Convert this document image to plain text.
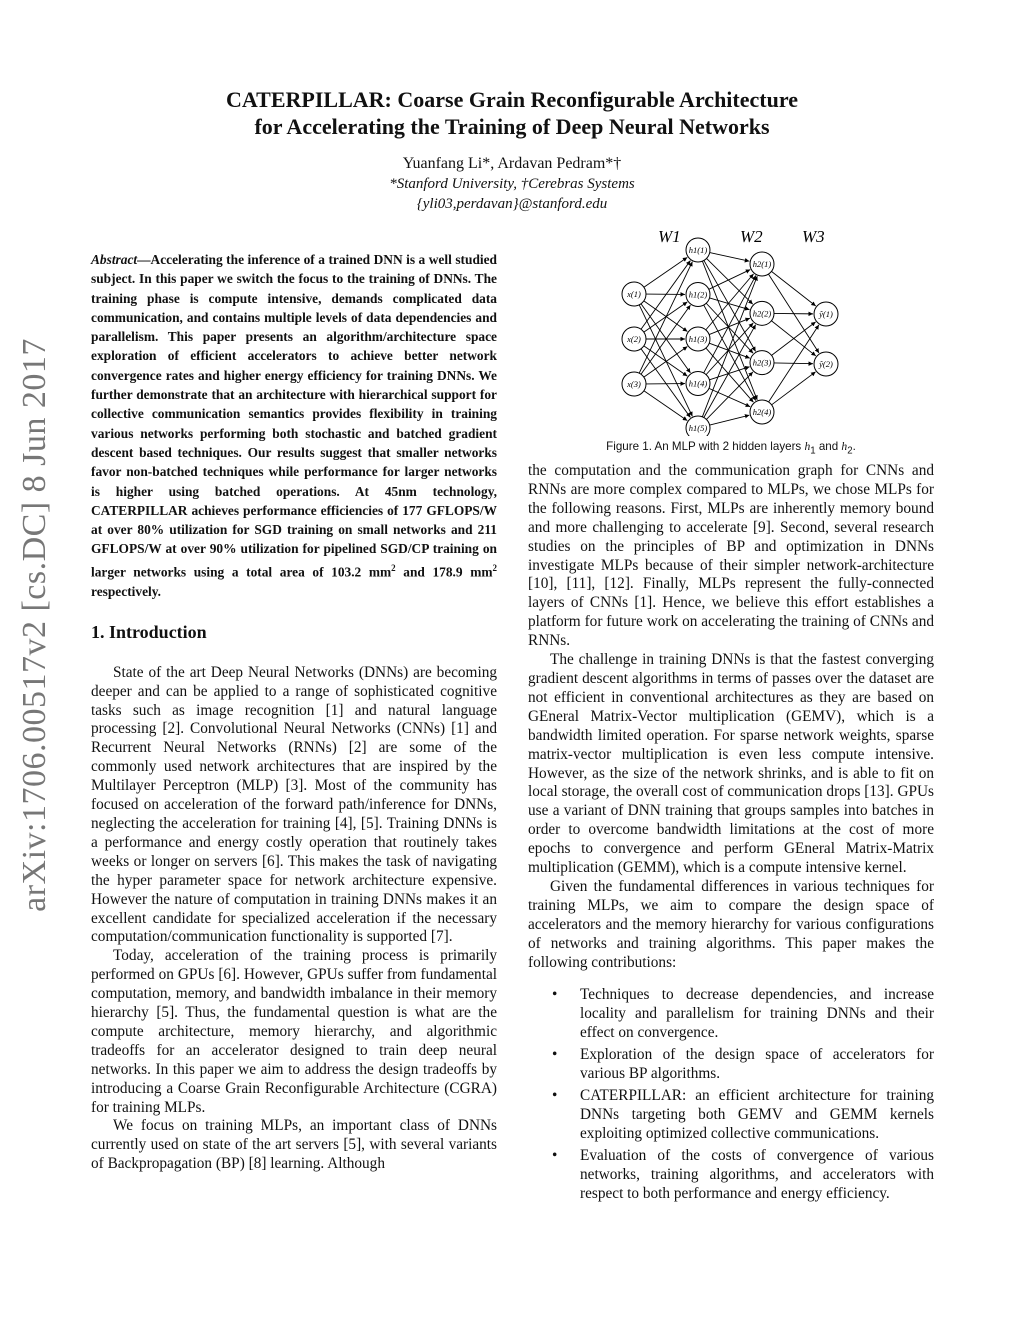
arXiv:1706.00517v2 [cs.DC] 8 Jun 2017
CATERPILLAR: Coarse Grain Reconfigurable Architecture
for Accelerating the Training of Deep Neural Networks
Yuanfang Li*, Ardavan Pedram*†
*Stanford University, †Cerebras Systems
{yli03,perdavan}@stanford.edu
Abstract—Accelerating the inference of a trained DNN is a well studied subject. In this paper we switch the focus to the training of DNNs. The training phase is compute intensive, demands complicated data communication, and contains multiple levels of data dependencies and parallelism. This paper presents an algorithm/architecture space exploration of efficient accelerators to achieve better network convergence rates and higher energy efficiency for training DNNs. We further demonstrate that an architecture with hierarchical support for collective communication semantics provides flexibility in training various networks performing both stochastic and batched gradient descent based techniques. Our results suggest that smaller networks favor non-batched techniques while performance for larger networks is higher using batched operations. At 45nm technology, CATERPILLAR achieves performance efficiencies of 177 GFLOPS/W at over 80% utilization for SGD training on small networks and 211 GFLOPS/W at over 90% utilization for pipelined SGD/CP training on larger networks using a total area of 103.2 $mm^2$ and 178.9 $mm^2$ respectively.
1. Introduction

State of the art Deep Neural Networks (DNNs) are becoming deeper and can be applied to a range of sophisticated cognitive tasks such as image recognition [1] and natural language processing [2]. Convolutional Neural Networks (CNNs) [1] and Recurrent Neural Networks (RNNs) [2] are some of the commonly used network architectures that are inspired by the Multilayer Perceptron (MLP) [3]. Most of the community has focused on acceleration of the forward path/inference for DNNs, neglecting the acceleration for training [4], [5]. Training DNNs is a performance and energy costly operation that routinely takes weeks or longer on servers [6]. This makes the task of navigating the hyper parameter space for network architecture expensive. However the nature of computation in training DNNs makes it an excellent candidate for specialized acceleration if the necessary computation/communication functionality is supported [7].

Today, acceleration of the training process is primarily performed on GPUs [6]. However, GPUs suffer from fundamental computation, memory, and bandwidth imbalance in their memory hierarchy [5]. Thus, the fundamental question is what are the compute architecture, memory hierarchy, and algorithmic tradeoffs for an accelerator designed to train deep neural networks. In this paper we aim to address the design tradeoffs by introducing a Coarse Grain Reconfigurable Architecture (CGRA) for training MLPs.

We focus on training MLPs, an important class of DNNs currently used on state of the art servers [5], with several variants of Backpropagation (BP) [8] learning. Although

x(1)
x(2)
x(3)
h1(1)
h1(2)
h1(3)
h1(4)
h1(5)
h2(1)
h2(2)
h2(3)
h2(4)
ŷ(1)
ŷ(2)
W1	W2 W3
Figure 1. An MLP with 2 hidden layers $h_1$ and $h_2$.

the computation and the communication graph for CNNs and RNNs are more complex compared to MLPs, we chose MLPs for the following reasons. First, MLPs are inherently memory bound and more challenging to accelerate [9]. Second, several research studies on the principles of BP and optimization in DNNs investigate MLPs because of their simpler network-architecture [10], [11], [12]. Finally, MLPs represent the fully-connected layers of CNNs [1]. Hence, we believe this effort establishes a platform for future work on accelerating the training of CNNs and RNNs.

The challenge in training DNNs is that the fastest converging gradient descent algorithms in terms of passes over the dataset are not efficient in conventional architectures as they are based on GEneral Matrix-Vector multiplication (GEMV), which is a bandwidth limited operation. For sparse network weights, sparse matrix-vector multiplication is even less compute intensive. However, as the size of the network shrinks, and is able to fit on local storage, the overall cost of communication drops [13]. GPUs use a variant of DNN training that groups samples into batches in order to overcome bandwidth limitations at the cost of more epochs to convergence and perform GEneral Matrix-Matrix multiplication (GEMM), which is a compute intensive kernel.

Given the fundamental differences in various techniques for training MLPs, we aim to compare the design space of accelerators and the memory hierarchy for various configurations of networks and training algorithms. This paper makes the following contributions:

• Techniques to decrease dependencies, and increase locality and parallelism for training DNNs and their effect on convergence.
• Exploration of the design space of accelerators for various BP algorithms.
• CATERPILLAR: an efficient architecture for training DNNs targeting both GEMV and GEMM kernels exploiting optimized collective communications.
• Evaluation of the costs of convergence of various networks, training algorithms, and accelerators with respect to both performance and energy efficiency.
